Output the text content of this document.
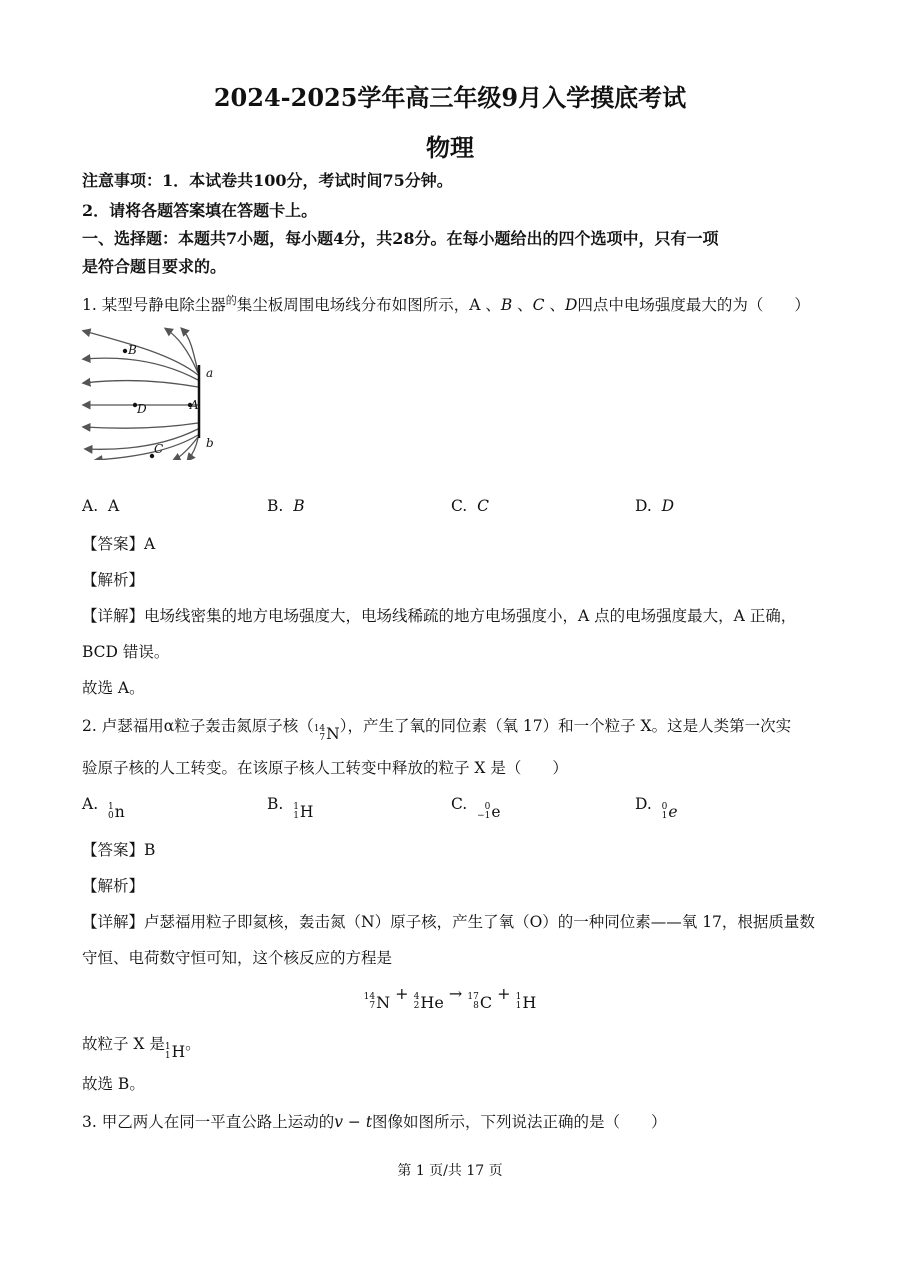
2024-2025学年高三年级9月入学摸底考试
物理
注意事项：1．本试卷共100分，考试时间75分钟。
2．请将各题答案填在答题卡上。
一、选择题：本题共7小题，每小题4分，共28分。在每小题给出的四个选项中，只有一项
是符合题目要求的。
1. 某型号静电除尘器$^的$集尘板周围电场线分布如图所示，A 、B 、C 、D四点中电场强度最大的为（　　）
B
D	A
C
a
b
A. A	B. B	C. C	D. D
【答案】A
【解析】
【详解】电场线密集的地方电场强度大，电场线稀疏的地方电场强度小，A 点的电场强度最大，A 正确，
BCD 错误。
故选 A。
2. 卢瑟福用α粒子轰击氮原子核（ 14
7 N ），产生了氧的同位素（氧 17）和一个粒子 X。这是人类第一次实
验原子核的人工转变。在该原子核人工转变中释放的粒子 X 是（　　）
A. 1
0 n	B. 1
1 H	C.	0
−1 e	D. 0
1 e
【答案】B
【解析】
【详解】卢瑟福用粒子即氦核，轰击氮（N）原子核，产生了氧（O）的一种同位素——氧 17，根据质量数
守恒、电荷数守恒可知，这个核反应的方程是
14
7 N + 4
2 He → 17
8 C + 1
1 H
故粒子 X 是 1
1 H 。
故选 B。
3. 甲乙两人在同一平直公路上运动的v − t图像如图所示，下列说法正确的是（　　）
第 1 页/共 17 页
